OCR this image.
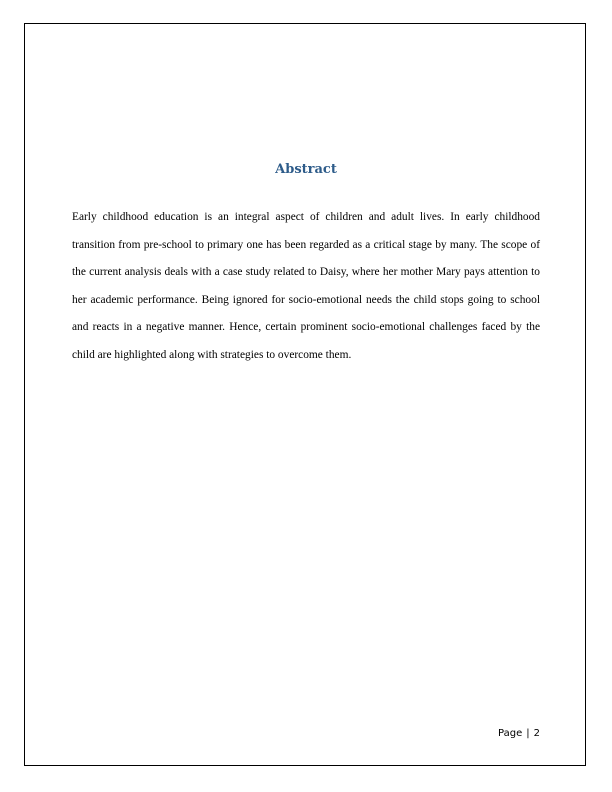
Abstract

Early childhood education is an integral aspect of children and adult lives. In early childhood transition from pre-school to primary one has been regarded as a critical stage by many. The scope of the current analysis deals with a case study related to Daisy, where her mother Mary pays attention to her academic performance. Being ignored for socio-emotional needs the child stops going to school and reacts in a negative manner. Hence, certain prominent socio-emotional challenges faced by the child are highlighted along with strategies to overcome them.

Page | 2
